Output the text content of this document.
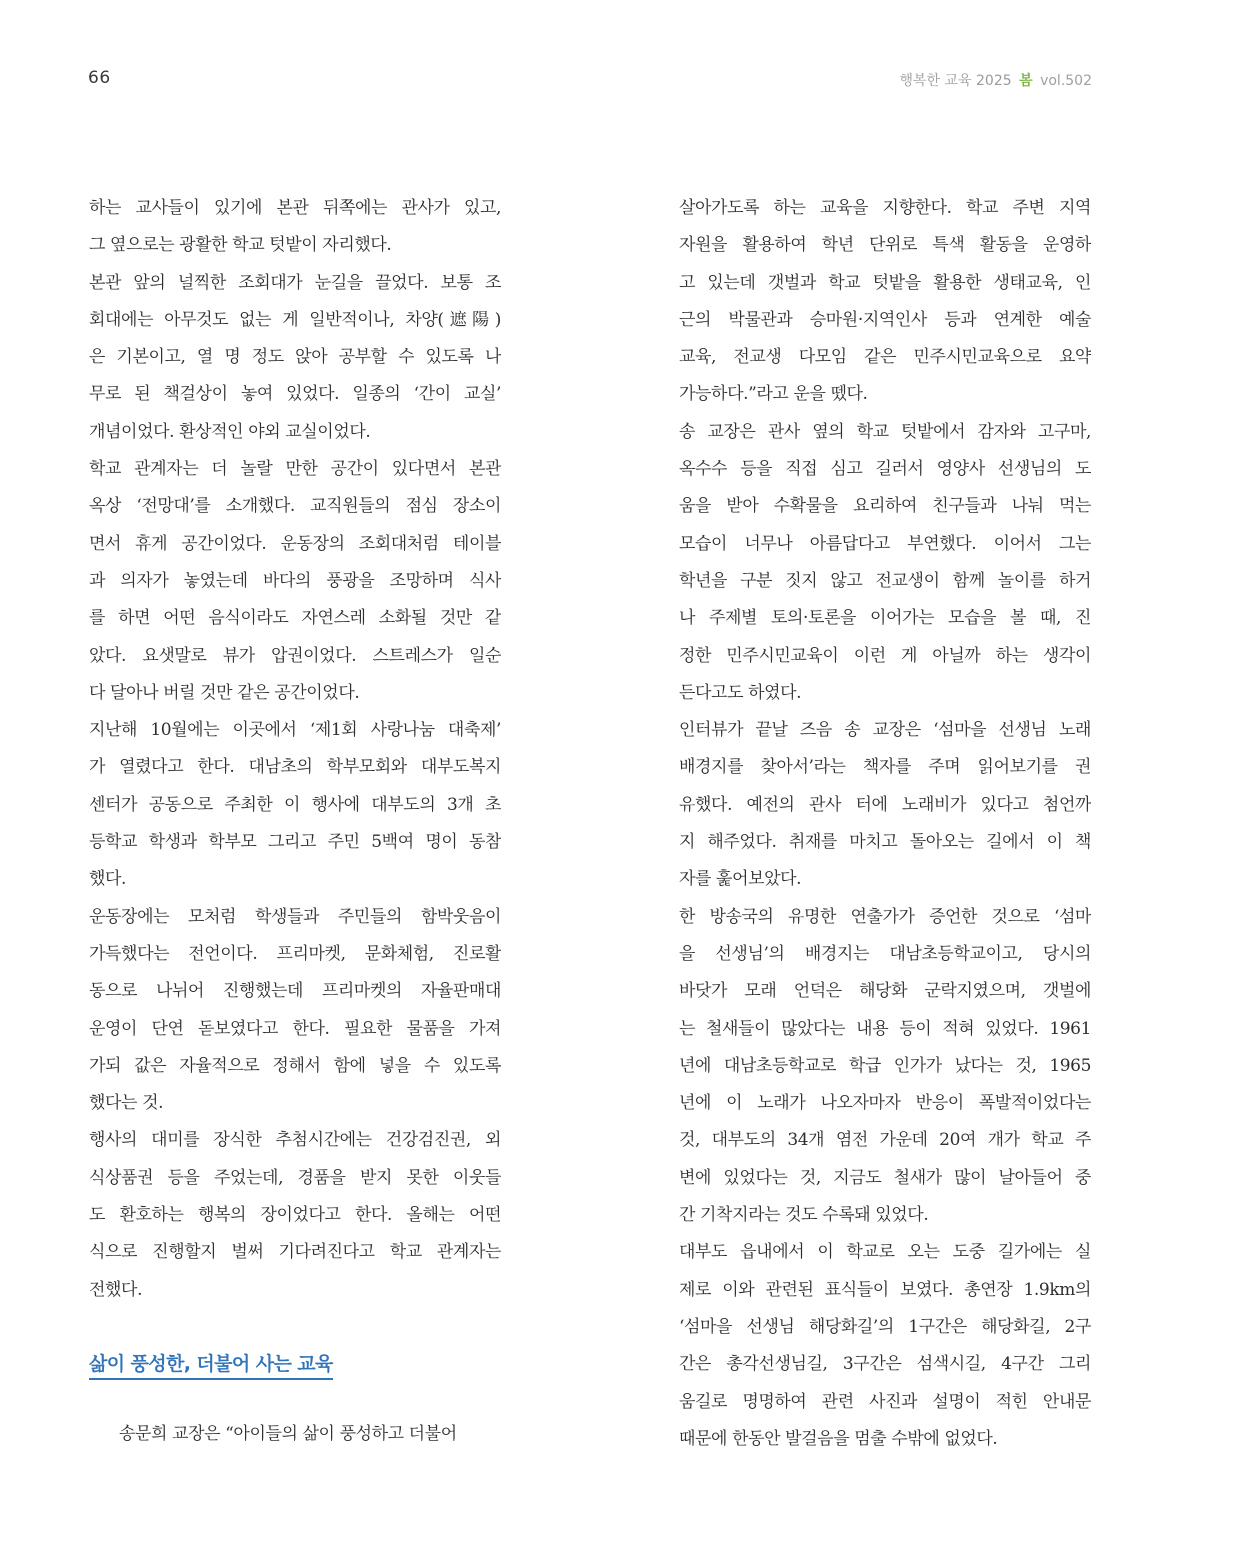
66	행복한 교육 2025 봄 vol.502
하는 교사들이 있기에 본관 뒤쪽에는 관사가 있고,
그 옆으로는 광활한 학교 텃밭이 자리했다.
본관 앞의 널찍한 조회대가 눈길을 끌었다. 보통 조
회대에는 아무것도 없는 게 일반적이나, 차양(遮陽)
은 기본이고, 열 명 정도 앉아 공부할 수 있도록 나
무로 된 책걸상이 놓여 있었다. 일종의 ‘간이 교실’
개념이었다. 환상적인 야외 교실이었다.
학교 관계자는 더 놀랄 만한 공간이 있다면서 본관
옥상 ‘전망대’를 소개했다. 교직원들의 점심 장소이
면서 휴게 공간이었다. 운동장의 조회대처럼 테이블
과 의자가 놓였는데 바다의 풍광을 조망하며 식사
를 하면 어떤 음식이라도 자연스레 소화될 것만 같
았다. 요샛말로 뷰가 압권이었다. 스트레스가 일순
다 달아나 버릴 것만 같은 공간이었다.
지난해 10월에는 이곳에서 ‘제1회 사랑나눔 대축제’
가 열렸다고 한다. 대남초의 학부모회와 대부도복지
센터가 공동으로 주최한 이 행사에 대부도의 3개 초
등학교 학생과 학부모 그리고 주민 5백여 명이 동참
했다.
운동장에는 모처럼 학생들과 주민들의 함박웃음이
가득했다는 전언이다. 프리마켓, 문화체험, 진로활
동으로 나뉘어 진행했는데 프리마켓의 자율판매대
운영이 단연 돋보였다고 한다. 필요한 물품을 가져
가되 값은 자율적으로 정해서 함에 넣을 수 있도록
했다는 것.
행사의 대미를 장식한 추첨시간에는 건강검진권, 외
식상품권 등을 주었는데, 경품을 받지 못한 이웃들
도 환호하는 행복의 장이었다고 한다. 올해는 어떤
식으로 진행할지 벌써 기다려진다고 학교 관계자는
전했다.
삶이 풍성한, 더불어 사는 교육
송문희 교장은 “아이들의 삶이 풍성하고 더불어
살아가도록 하는 교육을 지향한다. 학교 주변 지역
자원을 활용하여 학년 단위로 특색 활동을 운영하
고 있는데 갯벌과 학교 텃밭을 활용한 생태교육, 인
근의 박물관과 승마원·지역인사 등과 연계한 예술
교육, 전교생 다모임 같은 민주시민교육으로 요약
가능하다.”라고 운을 뗐다.
송 교장은 관사 옆의 학교 텃밭에서 감자와 고구마,
옥수수 등을 직접 심고 길러서 영양사 선생님의 도
움을 받아 수확물을 요리하여 친구들과 나눠 먹는
모습이 너무나 아름답다고 부연했다. 이어서 그는
학년을 구분 짓지 않고 전교생이 함께 놀이를 하거
나 주제별 토의·토론을 이어가는 모습을 볼 때, 진
정한 민주시민교육이 이런 게 아닐까 하는 생각이
든다고도 하였다.
인터뷰가 끝날 즈음 송 교장은 ‘섬마을 선생님 노래
배경지를 찾아서’라는 책자를 주며 읽어보기를 권
유했다. 예전의 관사 터에 노래비가 있다고 첨언까
지 해주었다. 취재를 마치고 돌아오는 길에서 이 책
자를 훑어보았다.
한 방송국의 유명한 연출가가 증언한 것으로 ‘섬마
을 선생님’의 배경지는 대남초등학교이고, 당시의
바닷가 모래 언덕은 해당화 군락지였으며, 갯벌에
는 철새들이 많았다는 내용 등이 적혀 있었다. 1961
년에 대남초등학교로 학급 인가가 났다는 것, 1965
년에 이 노래가 나오자마자 반응이 폭발적이었다는
것, 대부도의 34개 염전 가운데 20여 개가 학교 주
변에 있었다는 것, 지금도 철새가 많이 날아들어 중
간 기착지라는 것도 수록돼 있었다.
대부도 읍내에서 이 학교로 오는 도중 길가에는 실
제로 이와 관련된 표식들이 보였다. 총연장 1.9km의
‘섬마을 선생님 해당화길’의 1구간은 해당화길, 2구
간은 총각선생님길, 3구간은 섬색시길, 4구간 그리
움길로 명명하여 관련 사진과 설명이 적힌 안내문
때문에 한동안 발걸음을 멈출 수밖에 없었다.
